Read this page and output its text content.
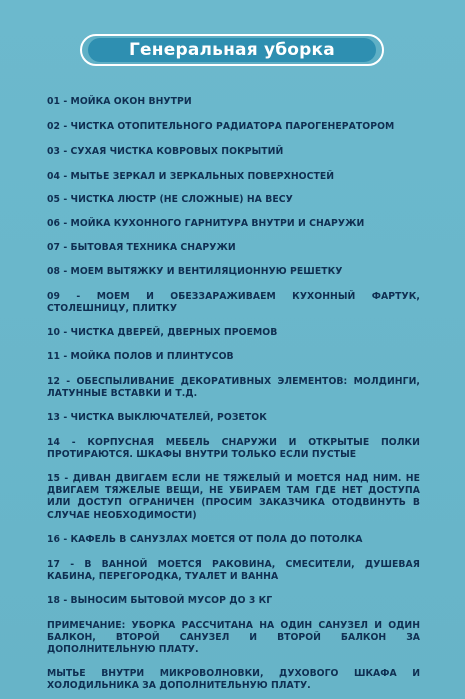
Генеральная уборка

01 - МОЙКА ОКОН ВНУТРИ

02 - ЧИСТКА ОТОПИТЕЛЬНОГО РАДИАТОРА ПАРОГЕНЕРАТОРОМ

03 - СУХАЯ ЧИСТКА КОВРОВЫХ ПОКРЫТИЙ

04 - МЫТЬЕ ЗЕРКАЛ И ЗЕРКАЛЬНЫХ ПОВЕРХНОСТЕЙ

05 - ЧИСТКА ЛЮСТР (НЕ СЛОЖНЫЕ) НА ВЕСУ

06 - МОЙКА КУХОННОГО ГАРНИТУРА ВНУТРИ И СНАРУЖИ

07 - БЫТОВАЯ ТЕХНИКА СНАРУЖИ

08 - МОЕМ ВЫТЯЖКУ И ВЕНТИЛЯЦИОННУЮ РЕШЕТКУ

09 - МОЕМ И ОБЕЗЗАРАЖИВАЕМ КУХОННЫЙ ФАРТУК, СТОЛЕШНИЦУ, ПЛИТКУ

10 - ЧИСТКА ДВЕРЕЙ, ДВЕРНЫХ ПРОЕМОВ

11 - МОЙКА ПОЛОВ И ПЛИНТУСОВ

12 - ОБЕСПЫЛИВАНИЕ ДЕКОРАТИВНЫХ ЭЛЕМЕНТОВ: МОЛДИНГИ, ЛАТУННЫЕ ВСТАВКИ И Т.Д.

13 - ЧИСТКА ВЫКЛЮЧАТЕЛЕЙ, РОЗЕТОК

14 - КОРПУСНАЯ МЕБЕЛЬ СНАРУЖИ И ОТКРЫТЫЕ ПОЛКИ ПРОТИРАЮТСЯ. ШКАФЫ ВНУТРИ ТОЛЬКО ЕСЛИ ПУСТЫЕ

15 - ДИВАН ДВИГАЕМ ЕСЛИ НЕ ТЯЖЕЛЫЙ И МОЕТСЯ НАД НИМ. НЕ ДВИГАЕМ ТЯЖЕЛЫЕ ВЕЩИ, НЕ УБИРАЕМ ТАМ ГДЕ НЕТ ДОСТУПА ИЛИ ДОСТУП ОГРАНИЧЕН (ПРОСИМ ЗАКАЗЧИКА ОТОДВИНУТЬ В СЛУЧАЕ НЕОБХОДИМОСТИ)

16 - КАФЕЛЬ В САНУЗЛАХ МОЕТСЯ ОТ ПОЛА ДО ПОТОЛКА

17 - В ВАННОЙ МОЕТСЯ РАКОВИНА, СМЕСИТЕЛИ, ДУШЕВАЯ КАБИНА, ПЕРЕГОРОДКА, ТУАЛЕТ И ВАННА

18 - ВЫНОСИМ БЫТОВОЙ МУСОР ДО 3 КГ

ПРИМЕЧАНИЕ: УБОРКА РАССЧИТАНА НА ОДИН САНУЗЕЛ И ОДИН БАЛКОН, ВТОРОЙ САНУЗЕЛ И ВТОРОЙ БАЛКОН ЗА ДОПОЛНИТЕЛЬНУЮ ПЛАТУ.

МЫТЬЕ ВНУТРИ МИКРОВОЛНОВКИ, ДУХОВОГО ШКАФА И ХОЛОДИЛЬНИКА ЗА ДОПОЛНИТЕЛЬНУЮ ПЛАТУ.
